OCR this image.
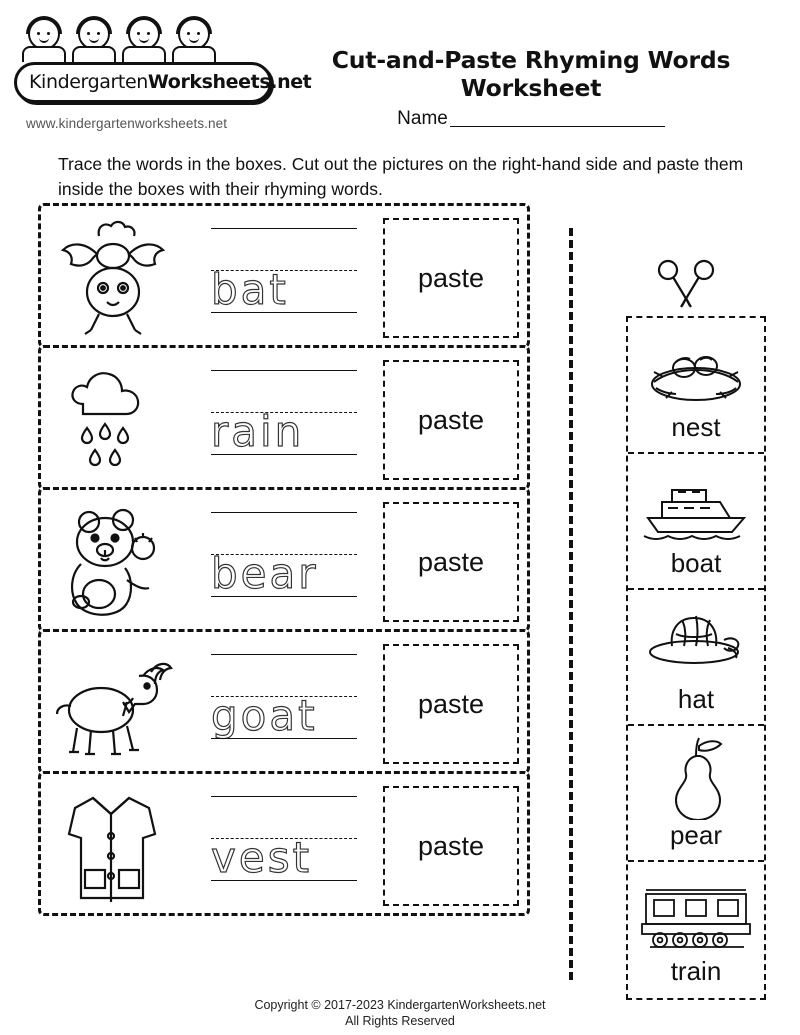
KindergartenWorksheets.net
www.kindergartenworksheets.net
Cut-and-Paste Rhyming Words Worksheet
Name
Trace the words in the boxes. Cut out the pictures on the right-hand side and paste them inside the boxes with their rhyming words.
bat	paste
rain	paste
bear	paste
goat	paste
vest	paste
nest
boat
hat
pear
train
Copyright © 2017-2023 KindergartenWorksheets.net
All Rights Reserved
